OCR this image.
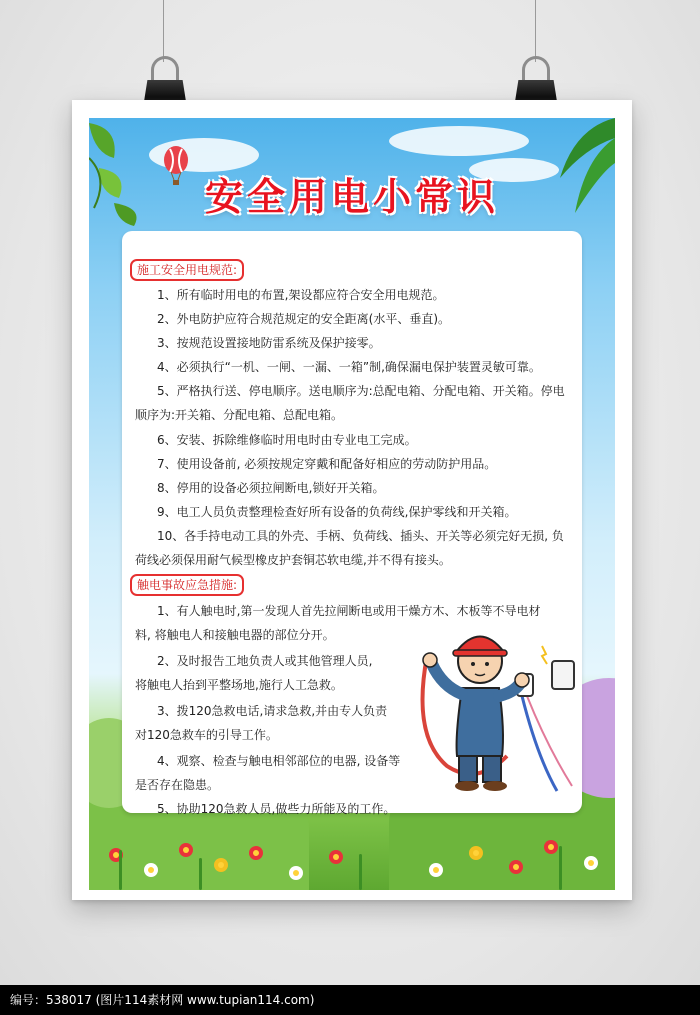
安全用电小常识
施工安全用电规范:
1、所有临时用电的布置,架设都应符合安全用电规范。
2、外电防护应符合规范规定的安全距离(水平、垂直)。
3、按规范设置接地防雷系统及保护接零。
4、必须执行“一机、一闸、一漏、一箱”制,确保漏电保护装置灵敏可靠。
5、严格执行送、停电顺序。送电顺序为:总配电箱、分配电箱、开关箱。停电
顺序为:开关箱、分配电箱、总配电箱。
6、安装、拆除维修临时用电时由专业电工完成。
7、使用设备前, 必须按规定穿戴和配备好相应的劳动防护用品。
8、停用的设备必须拉闸断电,锁好开关箱。
9、电工人员负责整理检查好所有设备的负荷线,保护零线和开关箱。
10、各手持电动工具的外壳、手柄、负荷线、插头、开关等必须完好无损, 负
荷线必须保用耐气候型橡皮护套铜芯软电缆,并不得有接头。
触电事故应急措施:
1、有人触电时,第一发现人首先拉闸断电或用干燥方木、木板等不导电材
料, 将触电人和接触电器的部位分开。
2、及时报告工地负责人或其他管理人员,
将触电人抬到平整场地,施行人工急救。
3、拨120急救电话,请求急救,并由专人负责
对120急救车的引导工作。
4、观察、检查与触电相邻部位的电器, 设备等
是否存在隐患。
5、协助120急救人员,做些力所能及的工作。
编号：538017 (图片114素材网 www.tupian114.com)
